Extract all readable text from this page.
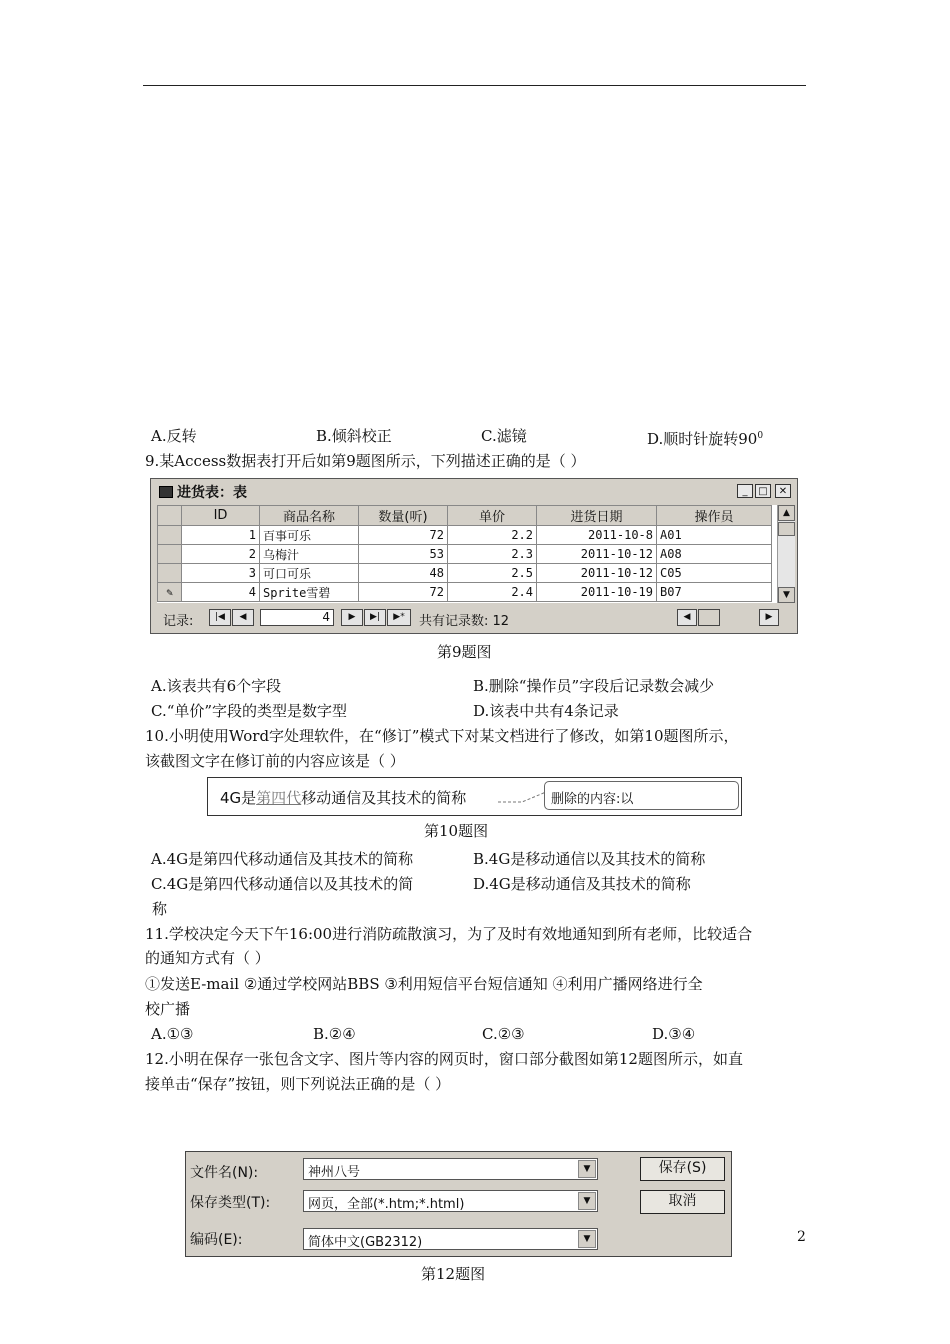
A.反转	B.倾斜校正	C.滤镜	D.顺时针旋转$90^0$
9.某Access数据表打开后如第9题图所示，下列描述正确的是（ ）
进货表：表	_	□	✕
	ID	商品名称	数量(听)	单价	进货日期	操作员
	1	百事可乐	72	2.2	2011-10-8	A01
	2	乌梅汁	53	2.3	2011-10-12	A08
	3	可口可乐	48	2.5	2011-10-12	C05
✎	4	Sprite雪碧	72	2.4	2011-10-19	B07
▲
▼
记录:	|◀	◀	4	▶	▶|	▶*	共有记录数: 12	◀	▶
第9题图
A.该表共有6个字段	B.删除“操作员”字段后记录数会减少
C.“单价”字段的类型是数字型	D.该表中共有4条记录
10.小明使用Word字处理软件，在“修订”模式下对某文档进行了修改，如第10题图所示，
该截图文字在修订前的内容应该是（ ）
4G是第四代移动通信及其技术的简称	删除的内容:以
第10题图
A.4G是第四代移动通信及其技术的简称	B.4G是移动通信以及其技术的简称
C.4G是第四代移动通信以及其技术的简	D.4G是移动通信及其技术的简称
称
11.学校决定今天下午16:00进行消防疏散演习，为了及时有效地通知到所有老师，比较适合
的通知方式有（ ）
①发送E-mail ②通过学校网站BBS ③利用短信平台短信通知 ④利用广播网络进行全
校广播
A.①③	B.②④	C.②③	D.③④
12.小明在保存一张包含文字、图片等内容的网页时，窗口部分截图如第12题图所示，如直
接单击“保存”按钮，则下列说法正确的是（ ）
文件名(N):	神州八号	▼
保存类型(T):	网页，全部(*.htm;*.html)	▼
编码(E):	简体中文(GB2312)	▼
保存(S)
取消
第12题图
2
